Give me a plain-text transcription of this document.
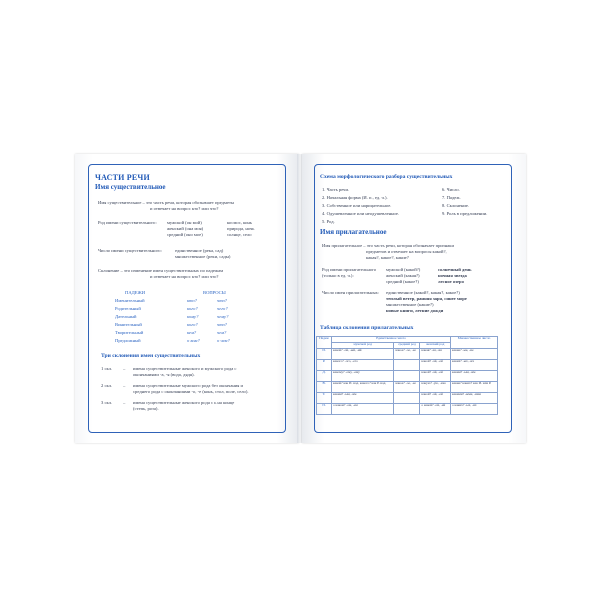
ЧАСТИ РЕЧИ
Имя существительное
Имя существительное – это часть речи, которая обозначает предметы
и отвечает на вопрос кто? или что?
Род имени существительного: мужской (он мой)	космос, конь
женский (она моя)	природа, ночь
средний (оно мое)	солнце, село
Число имени существительного:	единственное (река, сад)
множественное (реки, сады)
Склонение – это изменение имен существительных по падежам
и отвечает на вопрос кто? или что?
ПАДЕЖИ	ВОПРОСЫ
Именительный	кто?	что?
Родительный	кого?	чего?
Дательный	кому?	чему?
Винительный	кого?	что?
Творительный	кем?	чем?
Предложный	о ком?	о чем?
Три склонения имен существительных
1 скл. – имена существительные женского и мужского рода с
окончаниями -а, -я (вода, дядя).
2 скл. – имена существительные мужского рода без окончания и
среднего рода с окончаниями -о, -е (конь, стол, поле, село).
3 скл. – имена существительные женского рода с ь на конце
(степь, роза).
Схема морфологического разбора существительных
1. Часть речи.
2. Начальная форма (И. п., ед. ч.).
3. Собственное или нарицательное.
4. Одушевленное или неодушевленное.
5. Род.
6. Число.
7. Падеж.
8. Склонение.
9. Роль в предложении.
Имя прилагательное
Имя прилагательное – это часть речи, которая обозначает признаки
предметов и отвечает на вопросы какой?,
какая?, какое?, какие?
Род имени прилагательного
(только в ед. ч.):
мужской (какой?)	солнечный день
женский (какая?)	ночная звезда
средний (какое?)	лесное озеро
Число имен прилагательных: единственное (какой?, какая?, какое?)
теплый ветер, ранняя заря, синее море
множественное (какие?)
новые книги, летние дожди
Таблица склонения прилагательных
Падеж	Единственное число			Множественное число
	мужской род	средний род	женский род	
И.	какой? -ой, -ый, -ий	какое? -ое, -ее	какая? -ая, -яя	какие? -ые, -ие
Р.	какого? -ого, -его		какой? -ой, -ей	каких? -ых, -их
Д.	какому? -ому, -ему		какой? -ой, -ей	каким? -ым, -им
В.	какой? как И. над. какого? как Р. над.	какое? -ое, -ее	какую? -ую, -юю	какие? каких? как И. или Р.
Т.	каким? -ым, -им		какой? -ой, -ей	какими? -ыми, -ими
П.	о каком? -ом, -ем		о какой? -ой, -ей	о каких? -ых, -их
